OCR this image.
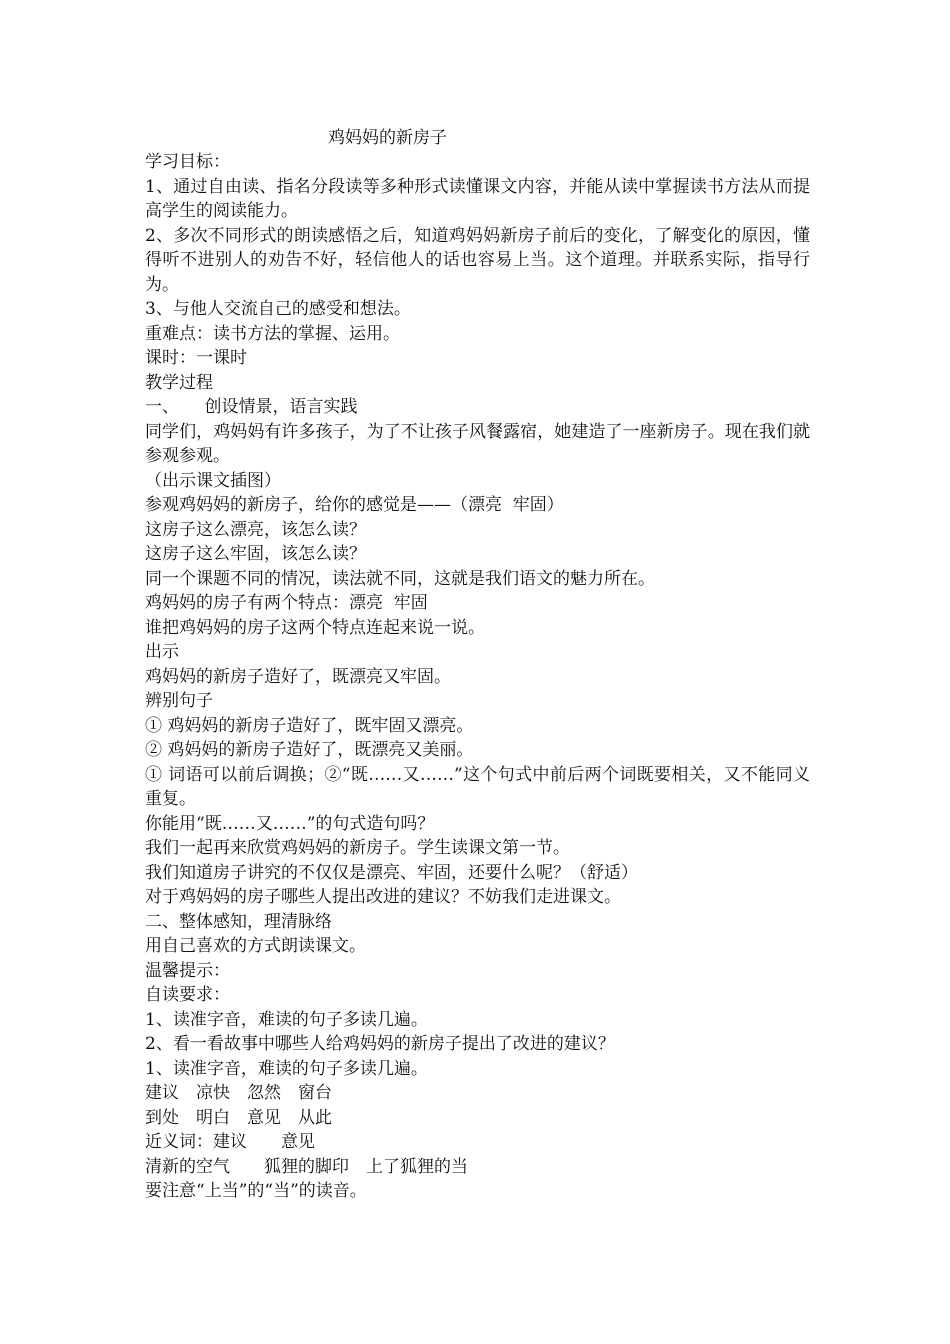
鸡妈妈的新房子

学习目标：

1、通过自由读、指名分段读等多种形式读懂课文内容，并能从读中掌握读书方法从而提高学生的阅读能力。

2、多次不同形式的朗读感悟之后，知道鸡妈妈新房子前后的变化，了解变化的原因，懂得听不进别人的劝告不好，轻信他人的话也容易上当。这个道理。并联系实际，指导行为。

3、与他人交流自己的感受和想法。

重难点：读书方法的掌握、运用。

课时：一课时

教学过程

一、　　创设情景，语言实践

同学们，鸡妈妈有许多孩子，为了不让孩子风餐露宿，她建造了一座新房子。现在我们就参观参观。

（出示课文插图）

参观鸡妈妈的新房子，给你的感觉是——（漂亮  牢固）

这房子这么漂亮，该怎么读？

这房子这么牢固，该怎么读？

同一个课题不同的情况，读法就不同，这就是我们语文的魅力所在。

鸡妈妈的房子有两个特点：漂亮  牢固

谁把鸡妈妈的房子这两个特点连起来说一说。

出示

鸡妈妈的新房子造好了，既漂亮又牢固。

辨别句子

① 鸡妈妈的新房子造好了，既牢固又漂亮。

② 鸡妈妈的新房子造好了，既漂亮又美丽。

① 词语可以前后调换；②“既……又……”这个句式中前后两个词既要相关，又不能同义重复。

你能用“既……又……”的句式造句吗？

我们一起再来欣赏鸡妈妈的新房子。学生读课文第一节。

我们知道房子讲究的不仅仅是漂亮、牢固，还要什么呢？（舒适）

对于鸡妈妈的房子哪些人提出改进的建议？不妨我们走进课文。

二、整体感知，理清脉络

用自己喜欢的方式朗读课文。

温馨提示：

自读要求：

1、读准字音，难读的句子多读几遍。

2、看一看故事中哪些人给鸡妈妈的新房子提出了改进的建议？

1、读准字音，难读的句子多读几遍。

建议　凉快　忽然　窗台

到处　明白　意见　从此

近义词：建议　　意见

清新的空气　　狐狸的脚印　上了狐狸的当

要注意“上当”的“当”的读音。
